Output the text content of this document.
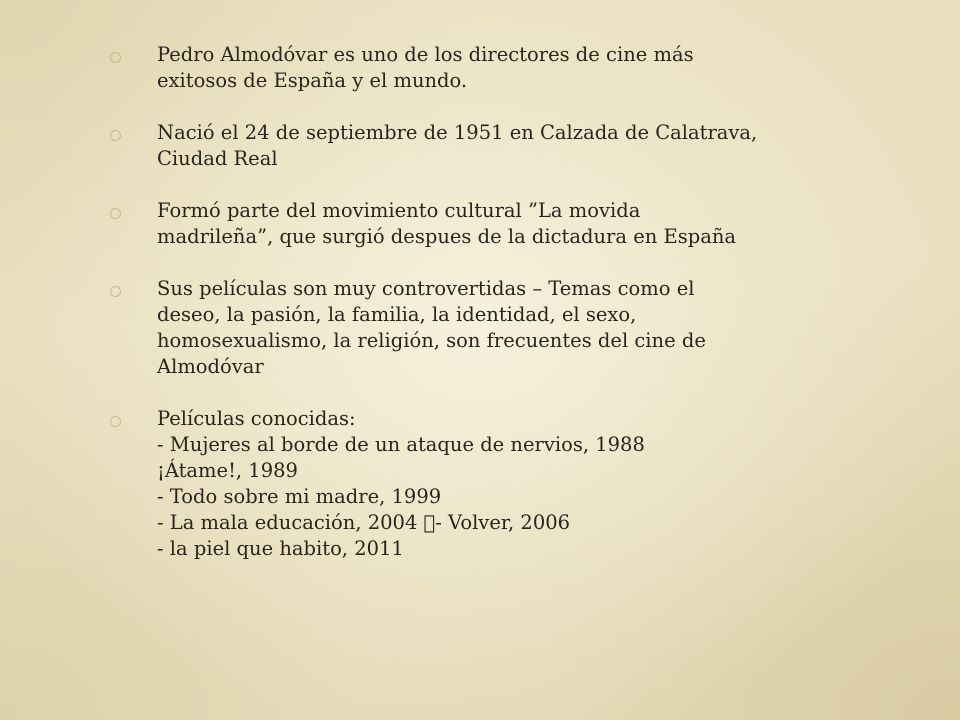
Pedro Almodóvar es uno de los directores de cine más
exitosos de España y el mundo.
Nació el 24 de septiembre de 1951 en Calzada de Calatrava,
Ciudad Real
Formó parte del movimiento cultural ”La movida
madrileña”, que surgió despues de la dictadura en España
Sus películas son muy controvertidas – Temas como el
deseo, la pasión, la familia, la identidad, el sexo,
homosexualismo, la religión, son frecuentes del cine de
Almodóvar
Películas conocidas:
- Mujeres al borde de un ataque de nervios, 1988
¡Átame!, 1989
- Todo sobre mi madre, 1999
- La mala educación, 2004 - Volver, 2006
- la piel que habito, 2011
